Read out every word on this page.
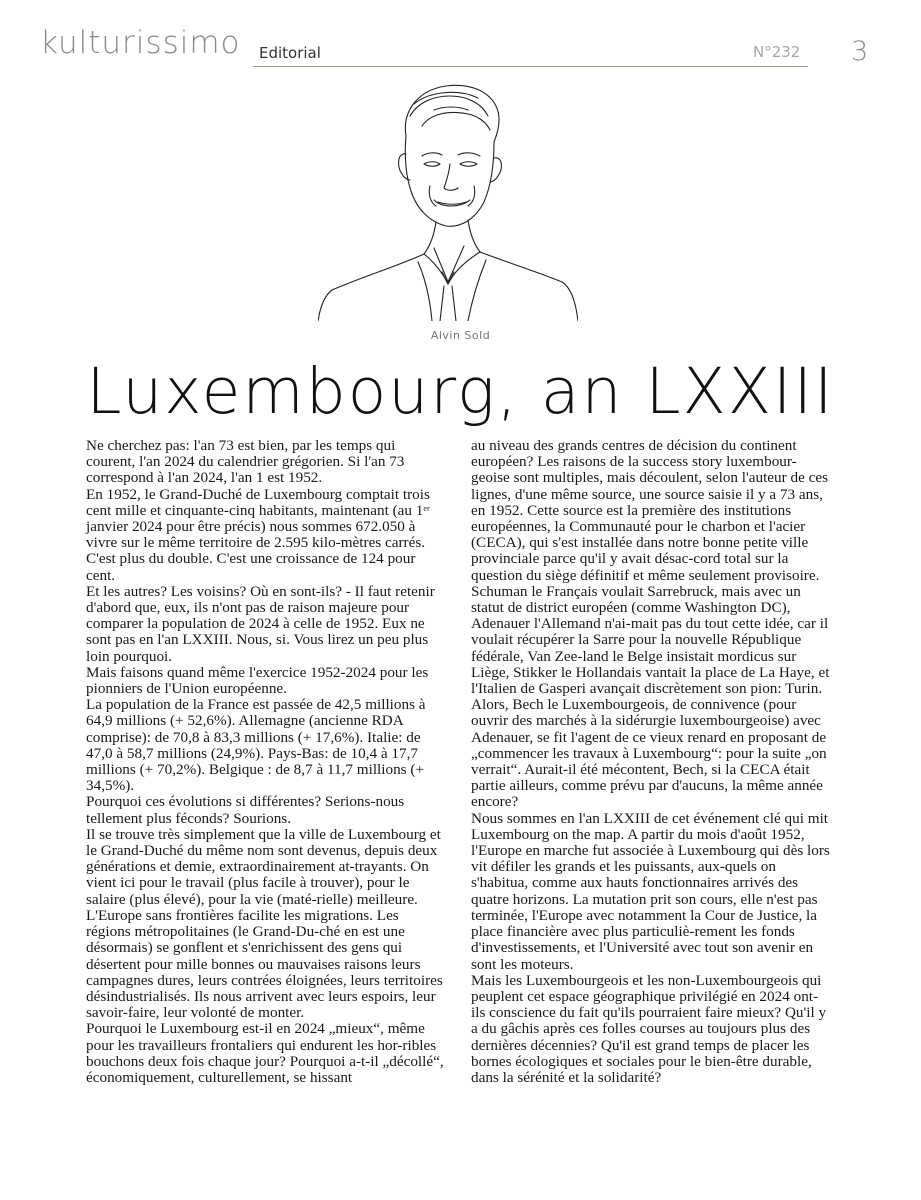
kulturissimo Editorial	N°232 3
Alvin Sold
Luxembourg, an LXXIII

Ne cherchez pas: l'an 73 est bien, par les temps qui courent, l'an 2024 du calendrier grégorien. Si l'an 73 correspond à l'an 2024, l'an 1 est 1952.

En 1952, le Grand-Duché de Luxembourg comptait trois cent mille et cinquante-cinq habitants, maintenant (au 1er janvier 2024 pour être précis) nous sommes 672.050 à vivre sur le même territoire de 2.595 kilo-mètres carrés.

C'est plus du double. C'est une croissance de 124 pour cent.

Et les autres? Les voisins? Où en sont-ils? - Il faut retenir d'abord que, eux, ils n'ont pas de raison majeure pour comparer la population de 2024 à celle de 1952. Eux ne sont pas en l'an LXXIII. Nous, si. Vous lirez un peu plus loin pourquoi.

Mais faisons quand même l'exercice 1952-2024 pour les pionniers de l'Union européenne.

La population de la France est passée de 42,5 millions à 64,9 millions (+ 52,6%). Allemagne (ancienne RDA comprise): de 70,8 à 83,3 millions (+ 17,6%). Italie: de 47,0 à 58,7 millions (24,9%). Pays-Bas: de 10,4 à 17,7 millions (+ 70,2%). Belgique : de 8,7 à 11,7 millions (+ 34,5%).

Pourquoi ces évolutions si différentes? Serions-nous tellement plus féconds? Sourions.

Il se trouve très simplement que la ville de Luxembourg et le Grand-Duché du même nom sont devenus, depuis deux générations et demie, extraordinairement at-trayants. On vient ici pour le travail (plus facile à trouver), pour le salaire (plus élevé), pour la vie (maté-rielle) meilleure. L'Europe sans frontières facilite les migrations. Les régions métropolitaines (le Grand-Du-ché en est une désormais) se gonflent et s'enrichissent des gens qui désertent pour mille bonnes ou mauvaises raisons leurs campagnes dures, leurs contrées éloignées, leurs territoires désindustrialisés. Ils nous arrivent avec leurs espoirs, leur savoir-faire, leur volonté de monter.

Pourquoi le Luxembourg est-il en 2024 „mieux“, même pour les travailleurs frontaliers qui endurent les hor-ribles bouchons deux fois chaque jour? Pourquoi a-t-il „décollé“, économiquement, culturellement, se hissant

au niveau des grands centres de décision du continent européen? Les raisons de la success story luxembour-geoise sont multiples, mais découlent, selon l'auteur de ces lignes, d'une même source, une source saisie il y a 73 ans, en 1952. Cette source est la première des institutions européennes, la Communauté pour le charbon et l'acier (CECA), qui s'est installée dans notre bonne petite ville provinciale parce qu'il y avait désac-cord total sur la question du siège définitif et même seulement provisoire. Schuman le Français voulait Sarrebruck, mais avec un statut de district européen (comme Washington DC), Adenauer l'Allemand n'ai-mait pas du tout cette idée, car il voulait récupérer la Sarre pour la nouvelle République fédérale, Van Zee-land le Belge insistait mordicus sur Liège, Stikker le Hollandais vantait la place de La Haye, et l'Italien de Gasperi avançait discrètement son pion: Turin. Alors, Bech le Luxembourgeois, de connivence (pour ouvrir des marchés à la sidérurgie luxembourgeoise) avec Adenauer, se fit l'agent de ce vieux renard en proposant de „commencer les travaux à Luxembourg“: pour la suite „on verrait“. Aurait-il été mécontent, Bech, si la CECA était partie ailleurs, comme prévu par d'aucuns, la même année encore?

Nous sommes en l'an LXXIII de cet événement clé qui mit Luxembourg on the map. A partir du mois d'août 1952, l'Europe en marche fut associée à Luxembourg qui dès lors vit défiler les grands et les puissants, aux-quels on s'habitua, comme aux hauts fonctionnaires arrivés des quatre horizons. La mutation prit son cours, elle n'est pas terminée, l'Europe avec notamment la Cour de Justice, la place financière avec plus particuliè-rement les fonds d'investissements, et l'Université avec tout son avenir en sont les moteurs.

Mais les Luxembourgeois et les non-Luxembourgeois qui peuplent cet espace géographique privilégié en 2024 ont-ils conscience du fait qu'ils pourraient faire mieux? Qu'il y a du gâchis après ces folles courses au toujours plus des dernières décennies? Qu'il est grand temps de placer les bornes écologiques et sociales pour le bien-être durable, dans la sérénité et la solidarité?
